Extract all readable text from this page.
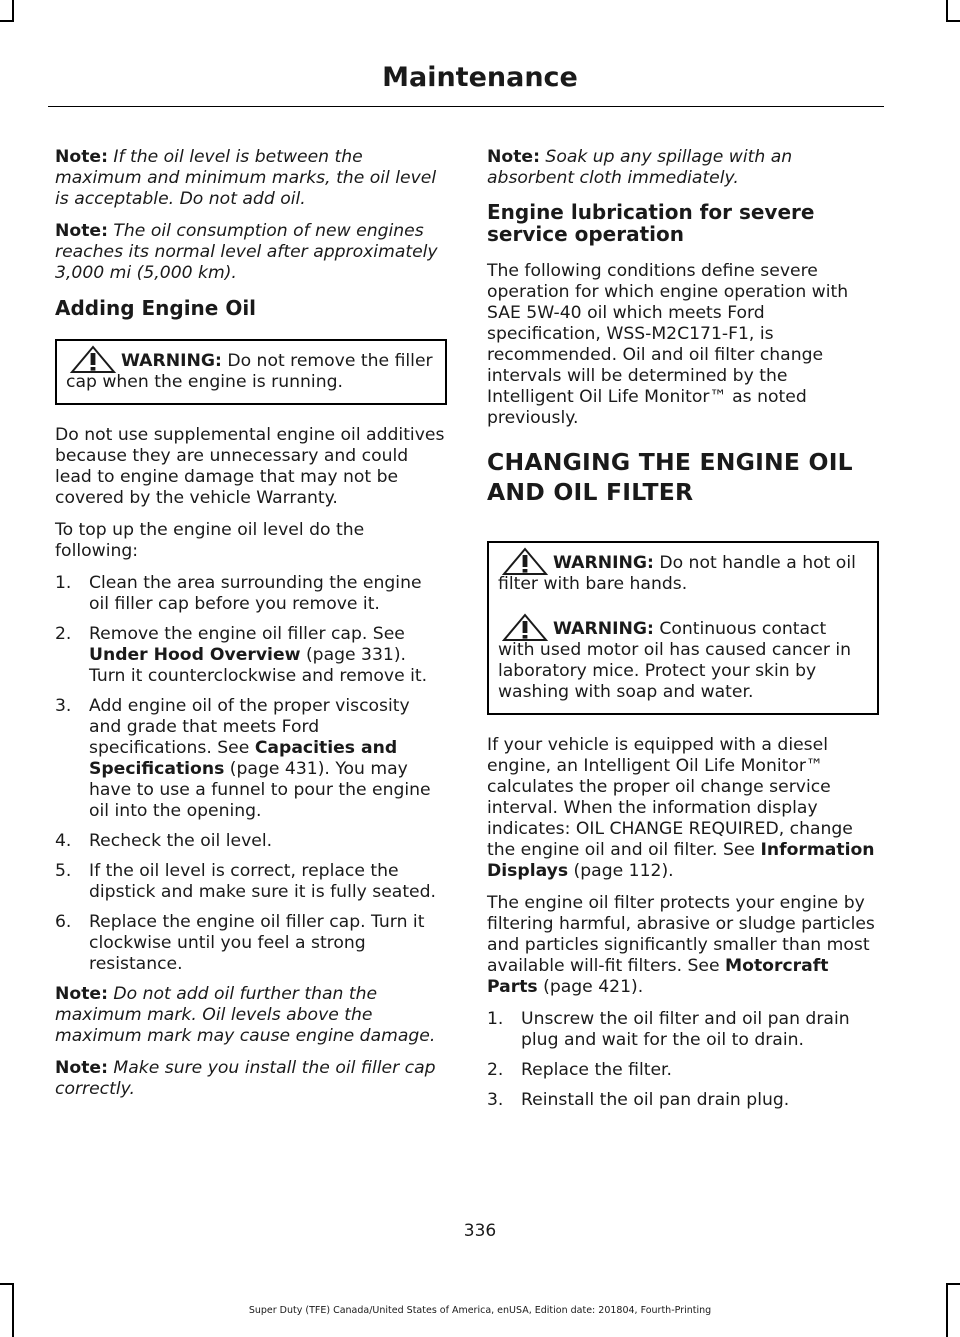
Maintenance

Note: If the oil level is between the maximum and minimum marks, the oil level is acceptable. Do not add oil.

Note: The oil consumption of new engines reaches its normal level after approximately 3,000 mi (5,000 km).

Adding Engine Oil
WARNING: Do not remove the filler cap when the engine is running.

Do not use supplemental engine oil additives because they are unnecessary and could lead to engine damage that may not be covered by the vehicle Warranty.

To top up the engine oil level do the following:

1. Clean the area surrounding the engine oil filler cap before you remove it.
2. Remove the engine oil filler cap. See Under Hood Overview (page 331). Turn it counterclockwise and remove it.
3. Add engine oil of the proper viscosity and grade that meets Ford specifications. See Capacities and Specifications (page 431). You may have to use a funnel to pour the engine oil into the opening.
4. Recheck the oil level.
5. If the oil level is correct, replace the dipstick and make sure it is fully seated.
6. Replace the engine oil filler cap. Turn it clockwise until you feel a strong resistance.

Note: Do not add oil further than the maximum mark. Oil levels above the maximum mark may cause engine damage.

Note: Make sure you install the oil filler cap correctly.

Note: Soak up any spillage with an absorbent cloth immediately.

Engine lubrication for severe service operation

The following conditions define severe operation for which engine operation with SAE 5W-40 oil which meets Ford specification, WSS-M2C171-F1, is recommended. Oil and oil filter change intervals will be determined by the Intelligent Oil Life Monitor™ as noted previously.

CHANGING THE ENGINE OIL
AND OIL FILTER
WARNING: Do not handle a hot oil filter with bare hands.
WARNING: Continuous contact with used motor oil has caused cancer in laboratory mice. Protect your skin by washing with soap and water.

If your vehicle is equipped with a diesel engine, an Intelligent Oil Life Monitor™ calculates the proper oil change service interval. When the information display indicates: OIL CHANGE REQUIRED, change the engine oil and oil filter. See Information Displays (page 112).

The engine oil filter protects your engine by filtering harmful, abrasive or sludge particles and particles significantly smaller than most available will-fit filters. See Motorcraft Parts (page 421).

1. Unscrew the oil filter and oil pan drain plug and wait for the oil to drain.
2. Replace the filter.
3. Reinstall the oil pan drain plug.
336
Super Duty (TFE) Canada/United States of America, enUSA, Edition date: 201804, Fourth-Printing
